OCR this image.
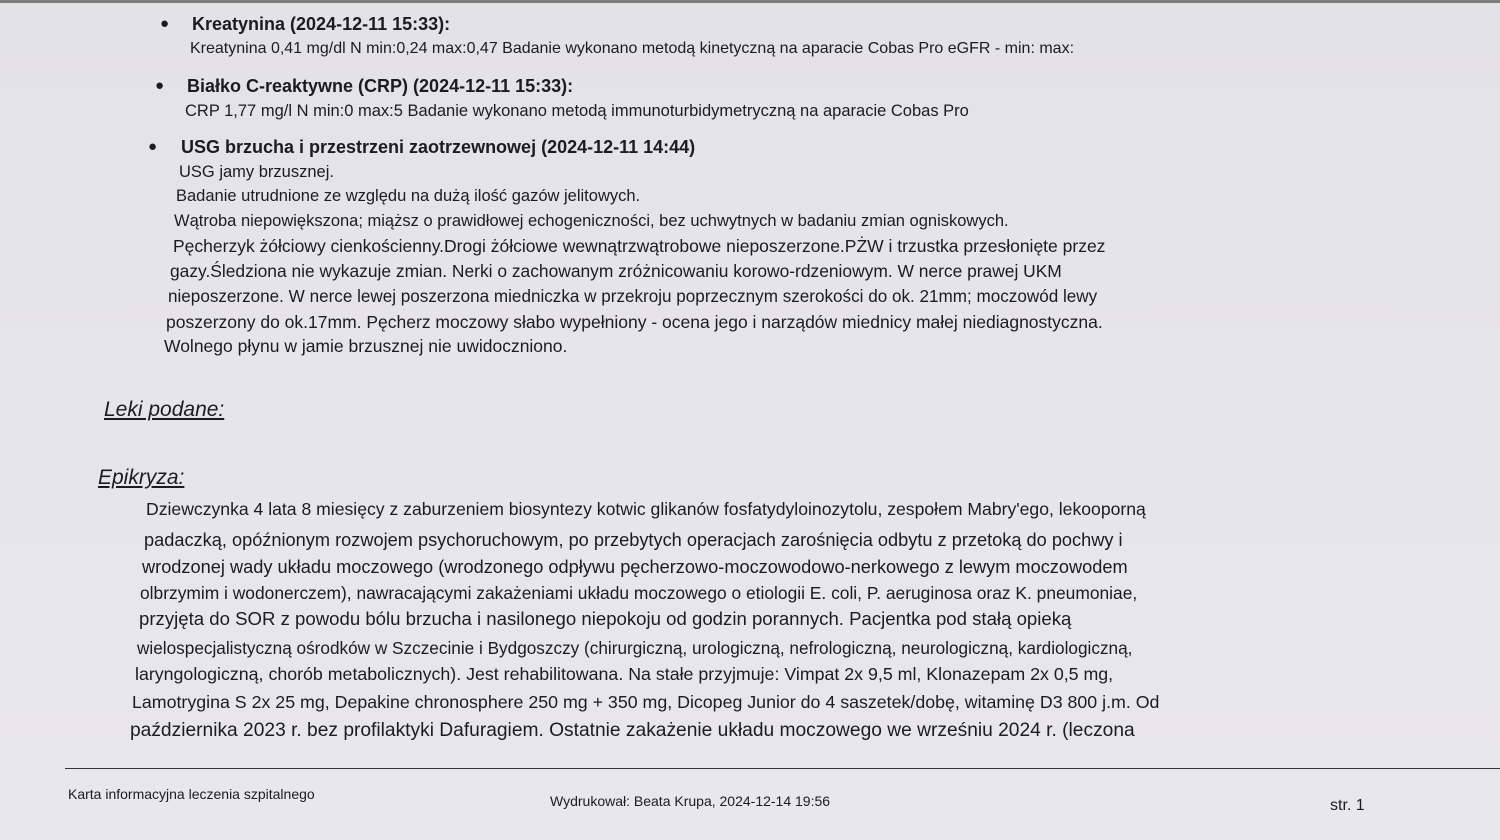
● Kreatynina (2024-12-11 15:33):
Kreatynina 0,41 mg/dl N min:0,24 max:0,47 Badanie wykonano metodą kinetyczną na aparacie Cobas Pro eGFR - min: max:
● Białko C-reaktywne (CRP) (2024-12-11 15:33):
CRP 1,77 mg/l N min:0 max:5 Badanie wykonano metodą immunoturbidymetryczną na aparacie Cobas Pro
● USG brzucha i przestrzeni zaotrzewnowej (2024-12-11 14:44)
USG jamy brzusznej.
Badanie utrudnione ze względu na dużą ilość gazów jelitowych.
Wątroba niepowiększona; miąższ o prawidłowej echogeniczności, bez uchwytnych w badaniu zmian ogniskowych.
Pęcherzyk żółciowy cienkościenny.Drogi żółciowe wewnątrzwątrobowe nieposzerzone.PŻW i trzustka przesłonięte przez
gazy.Śledziona nie wykazuje zmian. Nerki o zachowanym zróżnicowaniu korowo-rdzeniowym. W nerce prawej UKM
nieposzerzone. W nerce lewej poszerzona miedniczka w przekroju poprzecznym szerokości do ok. 21mm; moczowód lewy
poszerzony do ok.17mm. Pęcherz moczowy słabo wypełniony - ocena jego i narządów miednicy małej niediagnostyczna.
Wolnego płynu w jamie brzusznej nie uwidoczniono.
Leki podane:
Epikryza:
Dziewczynka 4 lata 8 miesięcy z zaburzeniem biosyntezy kotwic glikanów fosfatydyloinozytolu, zespołem Mabry'ego, lekooporną
padaczką, opóźnionym rozwojem psychoruchowym, po przebytych operacjach zarośnięcia odbytu z przetoką do pochwy i
wrodzonej wady układu moczowego (wrodzonego odpływu pęcherzowo-moczowodowo-nerkowego z lewym moczowodem
olbrzymim i wodonerczem), nawracającymi zakażeniami układu moczowego o etiologii E. coli, P. aeruginosa oraz K. pneumoniae,
przyjęta do SOR z powodu bólu brzucha i nasilonego niepokoju od godzin porannych. Pacjentka pod stałą opieką
wielospecjalistyczną ośrodków w Szczecinie i Bydgoszczy (chirurgiczną, urologiczną, nefrologiczną, neurologiczną, kardiologiczną,
laryngologiczną, chorób metabolicznych). Jest rehabilitowana. Na stałe przyjmuje: Vimpat 2x 9,5 ml, Klonazepam 2x 0,5 mg,
Lamotrygina S 2x 25 mg, Depakine chronosphere 250 mg + 350 mg, Dicopeg Junior do 4 saszetek/dobę, witaminę D3 800 j.m. Od
października 2023 r. bez profilaktyki Dafuragiem. Ostatnie zakażenie układu moczowego we wrześniu 2024 r. (leczona
Karta informacyjna leczenia szpitalnego	Wydrukował: Beata Krupa, 2024-12-14 19:56	str. 1
